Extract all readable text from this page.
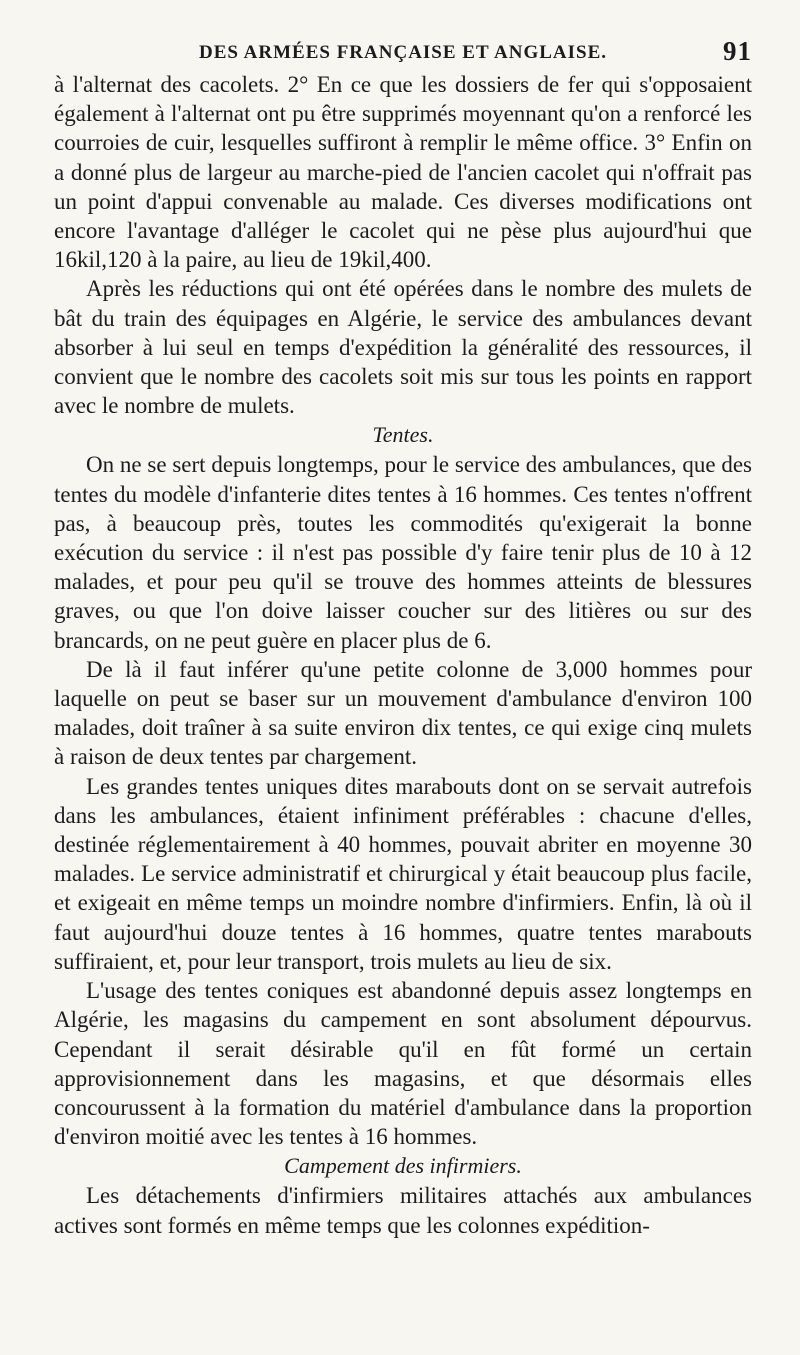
DES ARMÉES FRANÇAISE ET ANGLAISE.	91

à l'alternat des cacolets. 2° En ce que les dossiers de fer qui s'opposaient également à l'alternat ont pu être supprimés moyennant qu'on a renforcé les courroies de cuir, lesquelles suffiront à remplir le même office. 3° Enfin on a donné plus de largeur au marche-pied de l'ancien cacolet qui n'offrait pas un point d'appui convenable au malade. Ces diverses modifications ont encore l'avantage d'alléger le cacolet qui ne pèse plus aujourd'hui que 16kil,120 à la paire, au lieu de 19kil,400.

Après les réductions qui ont été opérées dans le nombre des mulets de bât du train des équipages en Algérie, le service des ambulances devant absorber à lui seul en temps d'expédition la généralité des ressources, il convient que le nombre des cacolets soit mis sur tous les points en rapport avec le nombre de mulets.

Tentes.

On ne se sert depuis longtemps, pour le service des ambulances, que des tentes du modèle d'infanterie dites tentes à 16 hommes. Ces tentes n'offrent pas, à beaucoup près, toutes les commodités qu'exigerait la bonne exécution du service : il n'est pas possible d'y faire tenir plus de 10 à 12 malades, et pour peu qu'il se trouve des hommes atteints de blessures graves, ou que l'on doive laisser coucher sur des litières ou sur des brancards, on ne peut guère en placer plus de 6.

De là il faut inférer qu'une petite colonne de 3,000 hommes pour laquelle on peut se baser sur un mouvement d'ambulance d'environ 100 malades, doit traîner à sa suite environ dix tentes, ce qui exige cinq mulets à raison de deux tentes par chargement.

Les grandes tentes uniques dites marabouts dont on se servait autrefois dans les ambulances, étaient infiniment préférables : chacune d'elles, destinée réglementairement à 40 hommes, pouvait abriter en moyenne 30 malades. Le service administratif et chirurgical y était beaucoup plus facile, et exigeait en même temps un moindre nombre d'infirmiers. Enfin, là où il faut aujourd'hui douze tentes à 16 hommes, quatre tentes marabouts suffiraient, et, pour leur transport, trois mulets au lieu de six.

L'usage des tentes coniques est abandonné depuis assez longtemps en Algérie, les magasins du campement en sont absolument dépourvus. Cependant il serait désirable qu'il en fût formé un certain approvisionnement dans les magasins, et que désormais elles concourussent à la formation du matériel d'ambulance dans la proportion d'environ moitié avec les tentes à 16 hommes.

Campement des infirmiers.

Les détachements d'infirmiers militaires attachés aux ambulances actives sont formés en même temps que les colonnes expédition-
